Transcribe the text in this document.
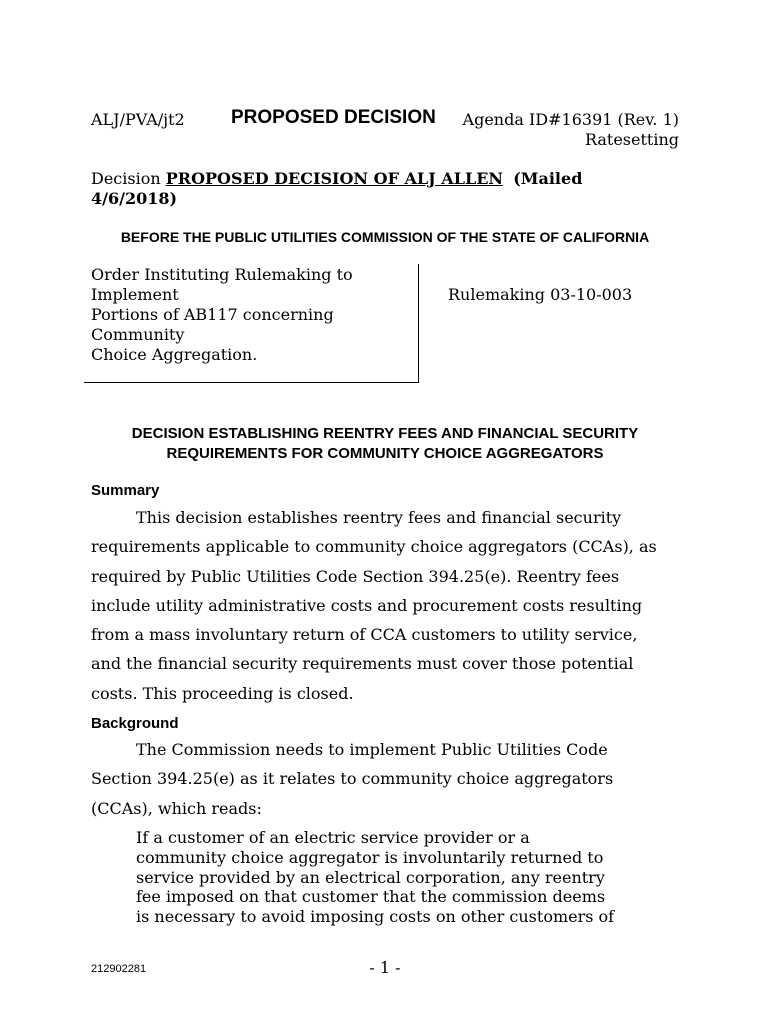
ALJ/PVA/jt2 PROPOSED DECISION Agenda ID#16391 (Rev. 1)
Ratesetting
Decision PROPOSED DECISION OF ALJ ALLEN (Mailed
4/6/2018)
BEFORE THE PUBLIC UTILITIES COMMISSION OF THE STATE OF CALIFORNIA
Order Instituting Rulemaking to
Implement
Portions of AB117 concerning
Community
Choice Aggregation.
Rulemaking 03-10-003
DECISION ESTABLISHING REENTRY FEES AND FINANCIAL SECURITY
REQUIREMENTS FOR COMMUNITY CHOICE AGGREGATORS
Summary
This decision establishes reentry fees and financial security
requirements applicable to community choice aggregators (CCAs), as
required by Public Utilities Code Section 394.25(e). Reentry fees
include utility administrative costs and procurement costs resulting
from a mass involuntary return of CCA customers to utility service,
and the financial security requirements must cover those potential
costs. This proceeding is closed.
Background
The Commission needs to implement Public Utilities Code
Section 394.25(e) as it relates to community choice aggregators
(CCAs), which reads:
If a customer of an electric service provider or a
community choice aggregator is involuntarily returned to
service provided by an electrical corporation, any reentry
fee imposed on that customer that the commission deems
is necessary to avoid imposing costs on other customers of
212902281	- 1 -
